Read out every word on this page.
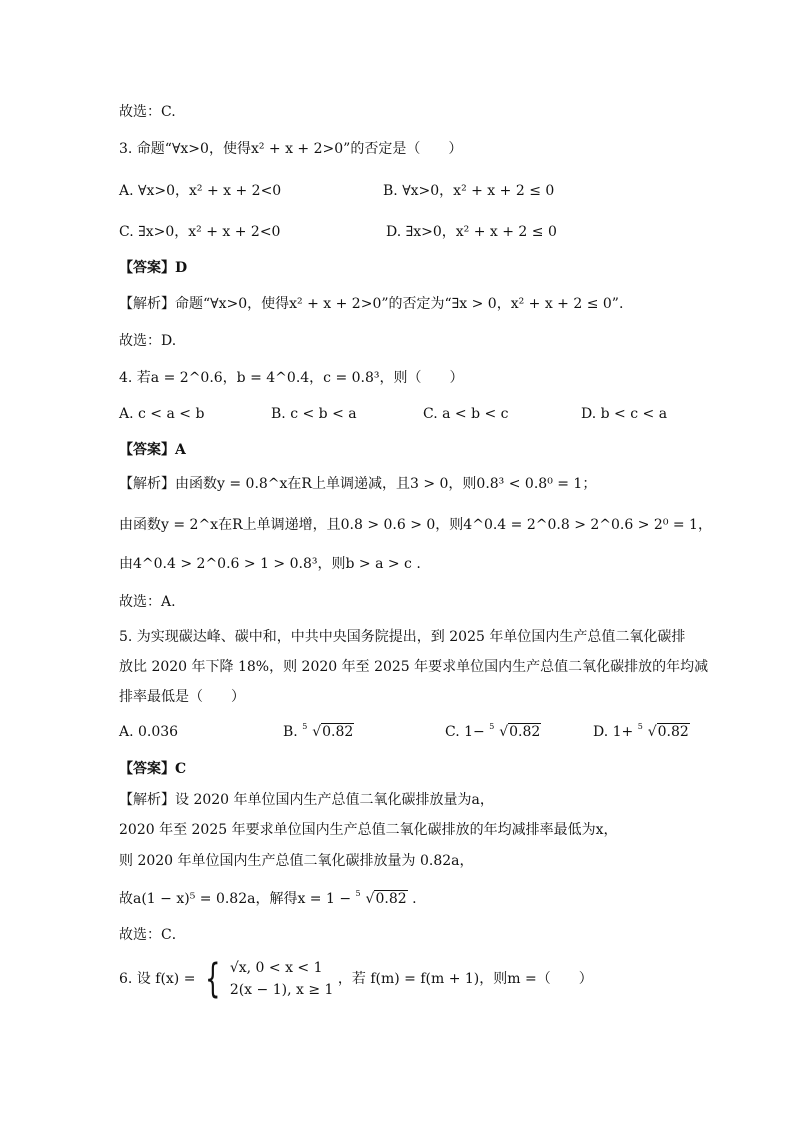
故选：C.
3. 命题“∀x>0，使得x² + x + 2>0”的否定是（　　）
A. ∀x>0，x² + x + 2<0	B. ∀x>0，x² + x + 2 ≤ 0
C. ∃x>0，x² + x + 2<0	D. ∃x>0，x² + x + 2 ≤ 0
【答案】D
【解析】命题“∀x>0，使得x² + x + 2>0”的否定为“∃x > 0，x² + x + 2 ≤ 0”.
故选：D.
4. 若a = 2^0.6，b = 4^0.4，c = 0.8³，则（　　）
A. c < a < b	B. c < b < a	C. a < b < c	D. b < c < a
【答案】A
【解析】由函数y = 0.8^x在R上单调递减，且3 > 0，则0.8³ < 0.8⁰ = 1；
由函数y = 2^x在R上单调递增，且0.8 > 0.6 > 0，则4^0.4 = 2^0.8 > 2^0.6 > 2⁰ = 1，
由4^0.4 > 2^0.6 > 1 > 0.8³，则b > a > c .
故选：A.
5. 为实现碳达峰、碳中和，中共中央国务院提出，到 2025 年单位国内生产总值二氧化碳排
放比 2020 年下降 18%，则 2020 年至 2025 年要求单位国内生产总值二氧化碳排放的年均减
排率最低是（　　）
A. 0.036	B. 5 √0.82	C. 1− 5 √0.82	D. 1+ 5 √0.82
【答案】C
【解析】设 2020 年单位国内生产总值二氧化碳排放量为a，
2020 年至 2025 年要求单位国内生产总值二氧化碳排放的年均减排率最低为x，
则 2020 年单位国内生产总值二氧化碳排放量为 0.82a，
故a(1 − x)⁵ = 0.82a，解得x = 1 − 5 √0.82 .
故选：C．
6. 设 f(x) = { √x, 0 < x < 1
2(x − 1), x ≥ 1
，若 f(m) = f(m + 1)，则m =（　　）
